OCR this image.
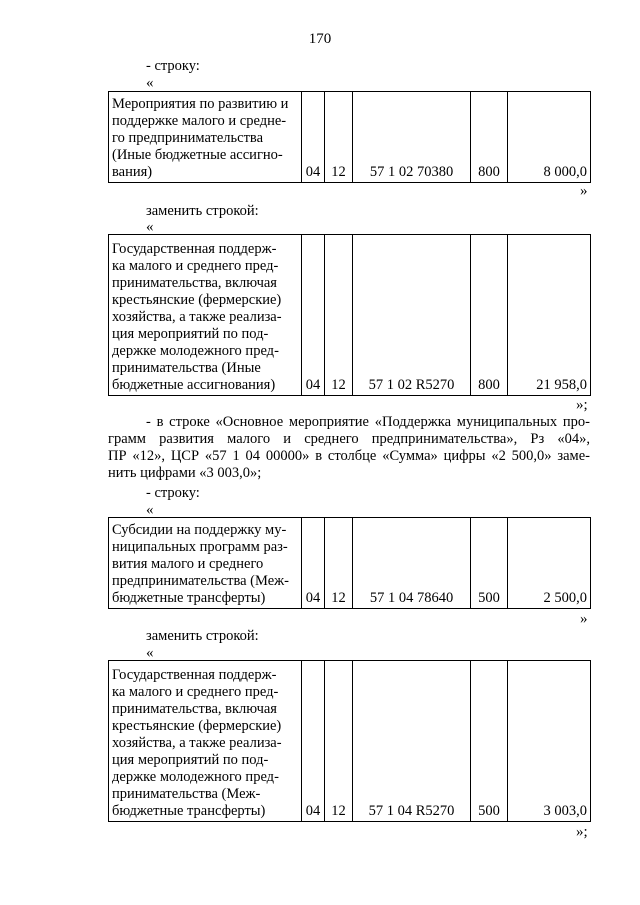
170
- строку:
«
Мероприятия по развитию и
поддержке малого и средне-
го предпринимательства
(Иные бюджетные ассигно-
вания)	04	12	57 1 02 70380	800	8 000,0
»
заменить строкой:
«
Государственная поддерж-
ка малого и среднего пред-
принимательства, включая
крестьянские (фермерские)
хозяйства, а также реализа-
ция мероприятий по под-
держке молодежного пред-
принимательства (Иные
бюджетные ассигнования)	04	12	57 1 02 R5270	800	21 958,0
»;
- в строке «Основное мероприятие «Поддержка муниципальных про-
грамм развития малого и среднего предпринимательства», Рз «04»,
ПР «12», ЦСР «57 1 04 00000» в столбце «Сумма» цифры «2 500,0» заме-
нить цифрами «3 003,0»;
- строку:
«
Субсидии на поддержку му-
ниципальных программ раз-
вития малого и среднего
предпринимательства (Меж-
бюджетные трансферты)	04	12	57 1 04 78640	500	2 500,0
»
заменить строкой:
«
Государственная поддерж-
ка малого и среднего пред-
принимательства, включая
крестьянские (фермерские)
хозяйства, а также реализа-
ция мероприятий по под-
держке молодежного пред-
принимательства (Меж-
бюджетные трансферты)	04	12	57 1 04 R5270	500	3 003,0
»;
